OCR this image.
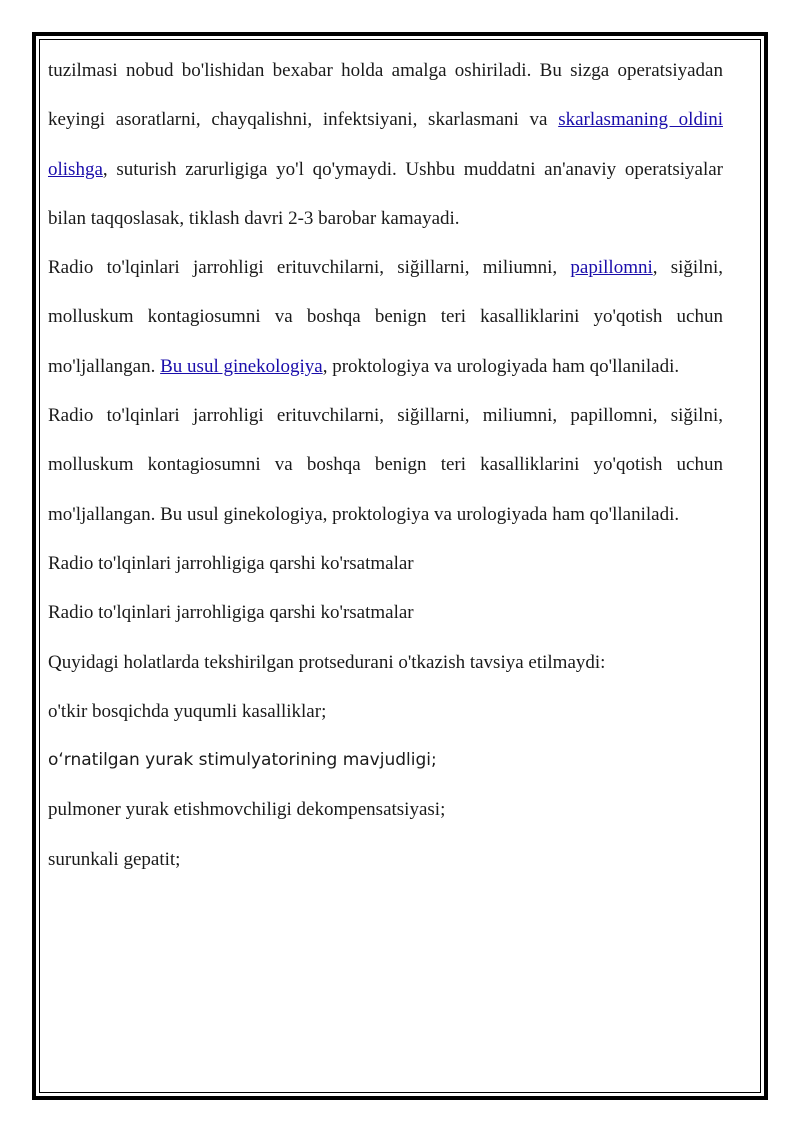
tuzilmasi nobud bo'lishidan bexabar holda amalga oshiriladi. Bu sizga operatsiyadan keyingi asoratlarni, chayqalishni, infektsiyani, skarlasmani va skarlasmaning oldini olishga, suturish zarurligiga yo'l qo'ymaydi. Ushbu muddatni an'anaviy operatsiyalar bilan taqqoslasak, tiklash davri 2-3 barobar kamayadi.

Radio to'lqinlari jarrohligi erituvchilarni, siğillarni, miliumni, papillomni, siğilni, molluskum kontagiosumni va boshqa benign teri kasalliklarini yo'qotish uchun mo'ljallangan. Bu usul ginekologiya, proktologiya va urologiyada ham qo'llaniladi.

Radio to'lqinlari jarrohligi erituvchilarni, siğillarni, miliumni, papillomni, siğilni, molluskum kontagiosumni va boshqa benign teri kasalliklarini yo'qotish uchun mo'ljallangan. Bu usul ginekologiya, proktologiya va urologiyada ham qo'llaniladi.

Radio to'lqinlari jarrohligiga qarshi ko'rsatmalar

Radio to'lqinlari jarrohligiga qarshi ko'rsatmalar

Quyidagi holatlarda tekshirilgan protsedurani o'tkazish tavsiya etilmaydi:

o'tkir bosqichda yuqumli kasalliklar;

oʻrnatilgan yurak stimulyatorining mavjudligi;

pulmoner yurak etishmovchiligi dekompensatsiyasi;

surunkali gepatit;
